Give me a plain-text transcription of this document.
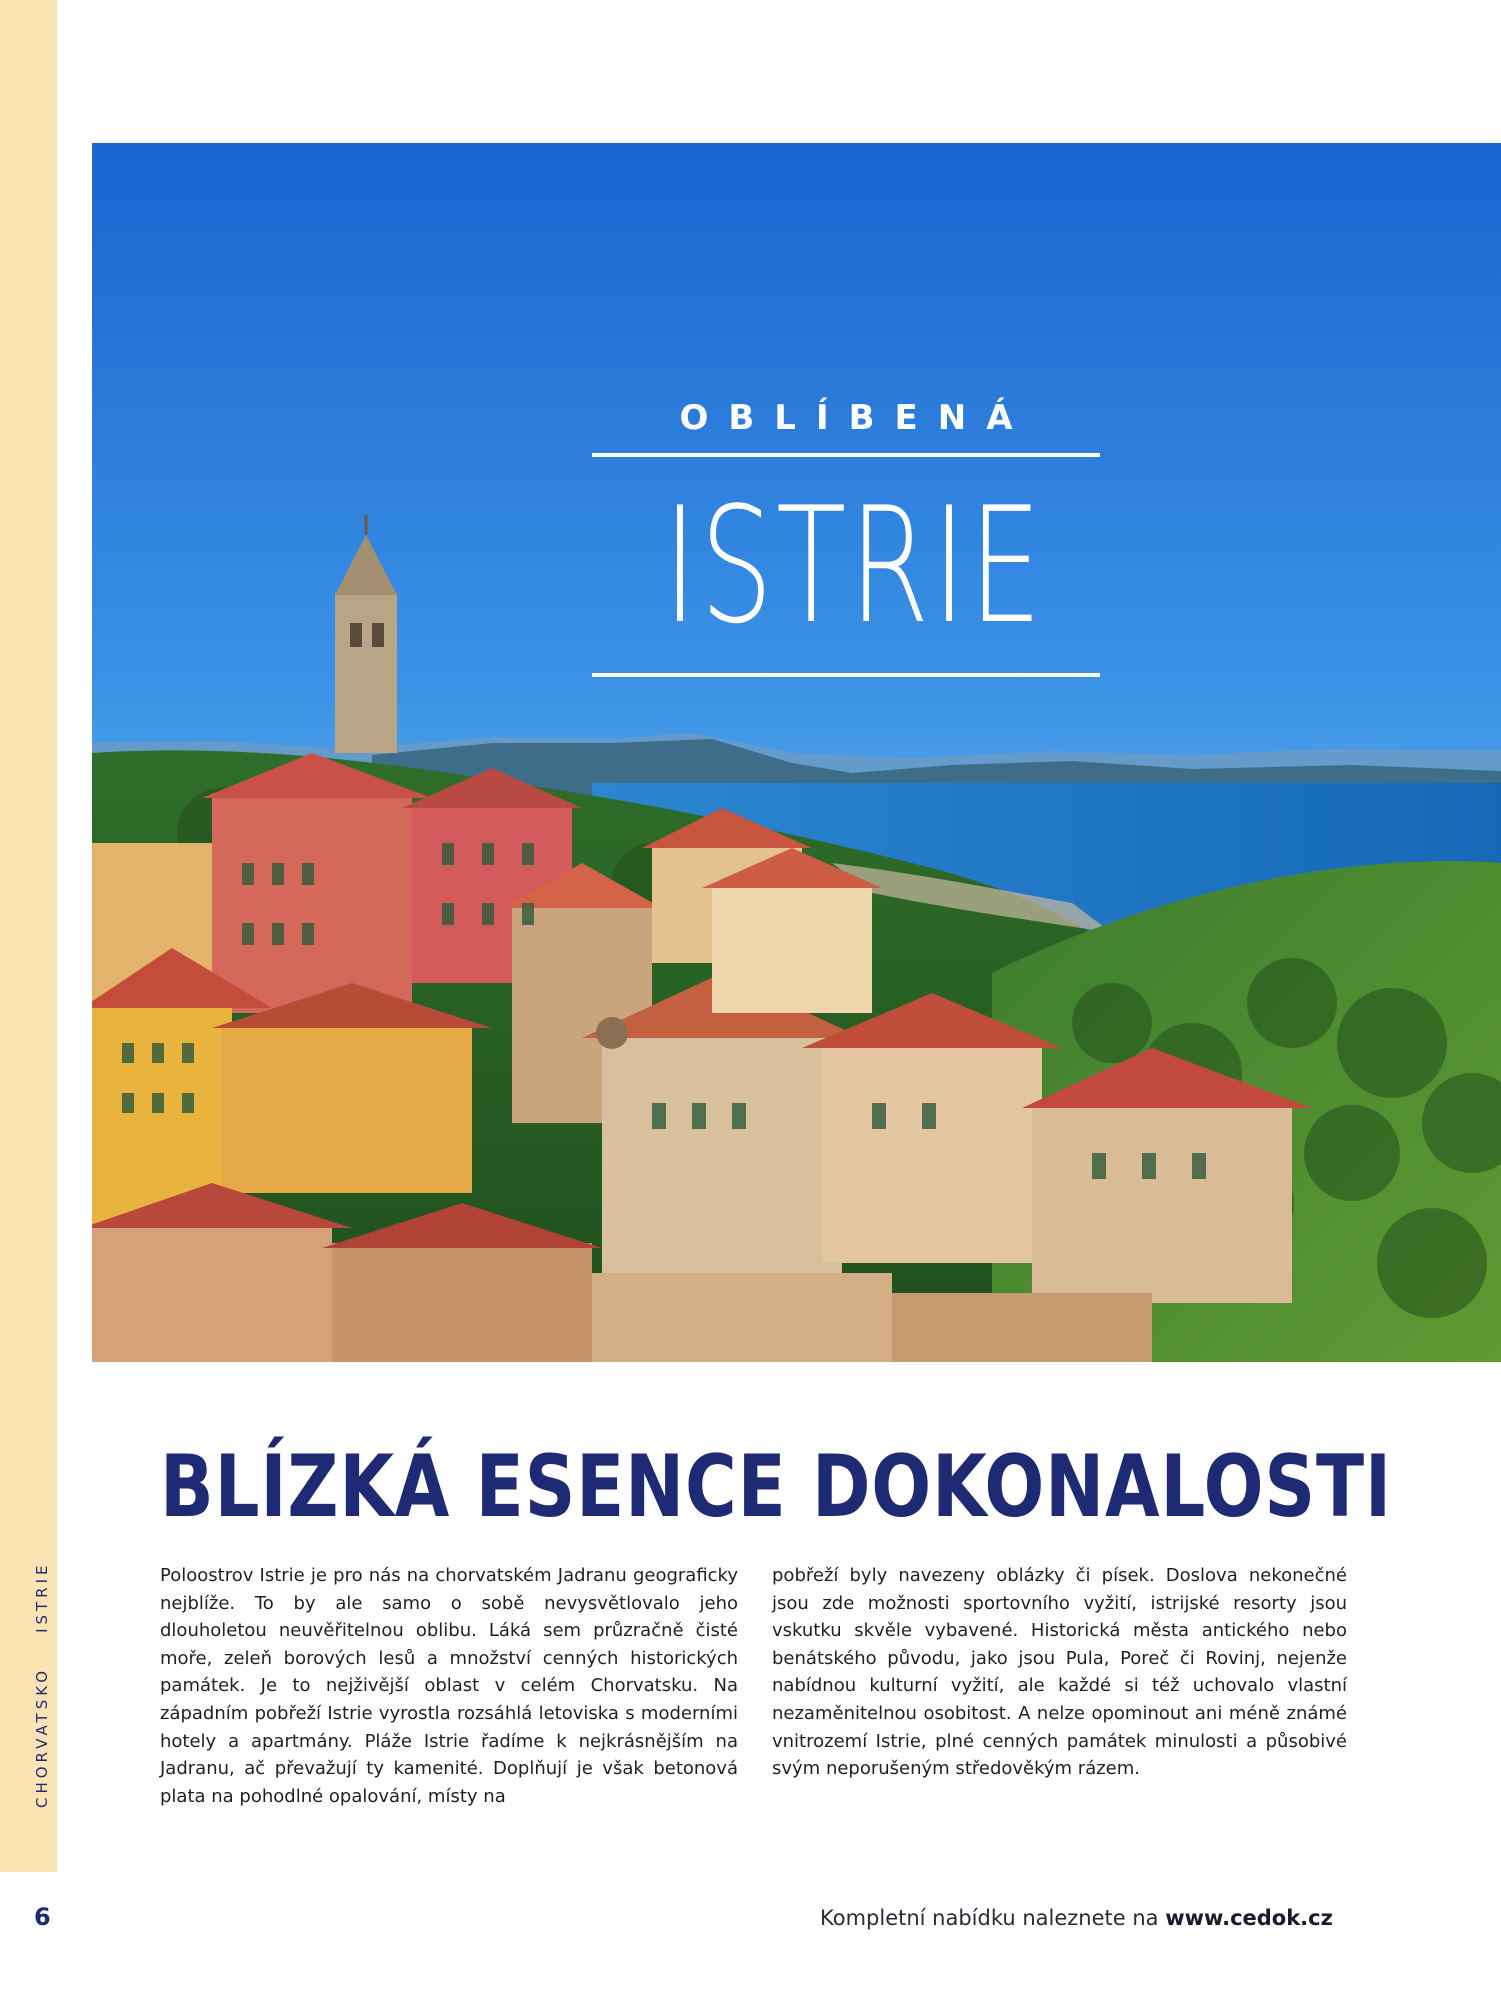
CHORVATSKOISTRIE
OBLÍBENÁ
ISTRIE
BLÍZKÁ ESENCE DOKONALOSTI

Poloostrov Istrie je pro nás na chorvatském Jadranu geograficky nejblíže. To by ale samo o sobě nevysvětlovalo jeho dlouholetou neuvěřitelnou oblibu. Láká sem průzračně čisté moře, zeleň borových lesů a množství cenných historických památek. Je to nejživější oblast v celém Chorvatsku. Na západním pobřeží Istrie vyrostla rozsáhlá letoviska s moderními hotely a apartmány. Pláže Istrie řadíme k nejkrásnějším na Jadranu, ač převažují ty kamenité. Doplňují je však betonová plata na pohodlné opalování, místy na

pobřeží byly navezeny oblázky či písek. Doslova nekonečné jsou zde možnosti sportovního vyžití, istrijské resorty jsou vskutku skvěle vybavené. Historická města antického nebo benátského původu, jako jsou Pula, Poreč či Rovinj, nejenže nabídnou kulturní vyžití, ale každé si též uchovalo vlastní nezaměnitelnou osobitost. A nelze opominout ani méně známé vnitrozemí Istrie, plné cenných památek minulosti a působivé svým neporušeným středověkým rázem.

6	Kompletní nabídku naleznete na www.cedok.cz
